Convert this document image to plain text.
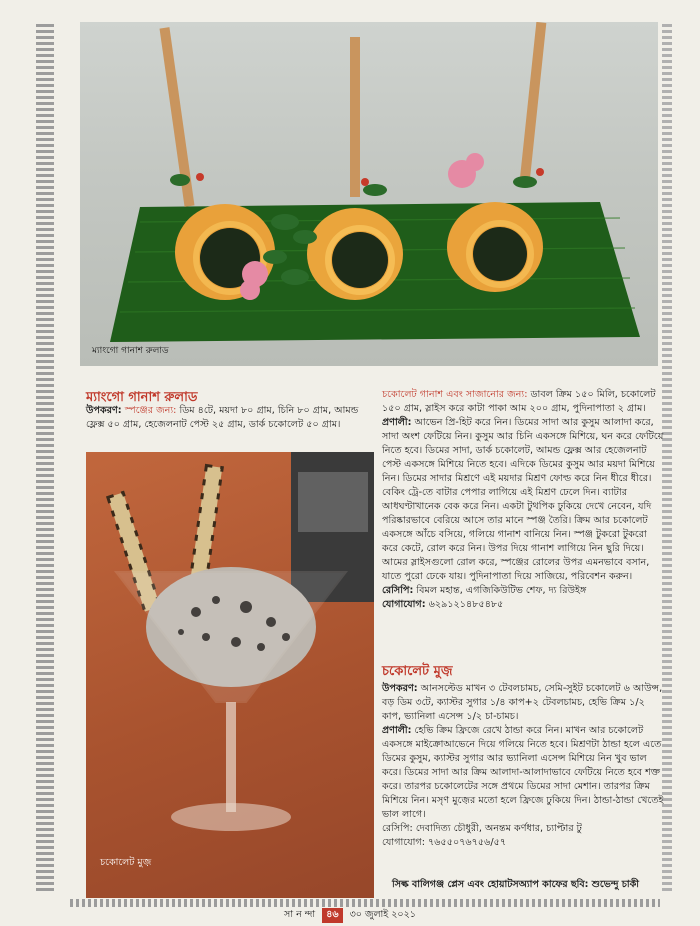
ম্যাংগো গানাশ রুলাড
ম্যাংগো গানাশ রুলাড
উপকরণ: স্পঞ্জের জন্য: ডিম ৪টে, ময়দা ৮০ গ্রাম, চিনি ৮০ গ্রাম, আমন্ড ফ্লেক্স ৫০ গ্রাম, হেজেলনাট পেস্ট ২৫ গ্রাম, ডার্ক চকোলেট ৫০ গ্রাম।
চকোলেট মুজ়

চকোলেট গানাশ এবং সাজানোর জন্য: ডাবল ক্রিম ১৫০ মিলি, চকোলেট ১৫০ গ্রাম, স্লাইস করে কাটা পাকা আম ২০০ গ্রাম, পুদিনাপাতা ২ গ্রাম।

প্রণালী: আভেন প্রি-হিট করে নিন। ডিমের সাদা আর কুসুম আলাদা করে, সাদা অংশ ফেটিয়ে নিন। কুসুম আর চিনি একসঙ্গে মিশিয়ে, ঘন করে ফেটিয়ে নিতে হবে। ডিমের সাদা, ডার্ক চকোলেট, আমন্ড ফ্লেক্স আর হেজেলনাট পেস্ট একসঙ্গে মিশিয়ে নিতে হবে। এদিকে ডিমের কুসুম আর ময়দা মিশিয়ে নিন। ডিমের সাদার মিশ্রণে এই ময়দার মিশ্রণ ফোল্ড করে নিন ধীরে ধীরে। বেকিং ট্রে-তে বাটার পেপার লাগিয়ে এই মিশ্রণ ঢেলে দিন। ব্যাটার আধঘণ্টাখানেক বেক করে নিন। একটা টুথপিক ঢুকিয়ে দেখে নেবেন, যদি পরিষ্কারভাবে বেরিয়ে আসে তার মানে স্পঞ্জ তৈরি। ক্রিম আর চকোলেট একসঙ্গে আঁচে বসিয়ে, গলিয়ে গানাশ বানিয়ে নিন। স্পঞ্জ টুকরো টুকরো করে কেটে, রোল করে নিন। উপর দিয়ে গানাশ লাগিয়ে নিন ছুরি দিয়ে। আমের স্লাইসগুলো রোল করে, স্পঞ্জের রোলের উপর এমনভাবে বসান, যাতে পুরো ঢেকে যায়। পুদিনাপাতা দিয়ে সাজিয়ে, পরিবেশন করুন।

রেসিপি: বিমল মহান্ত, এগজিকিউটিভ শেফ, দ্য রিউইঙ্গ

যোগাযোগ: ৬২৯১২১৪৮৫৪৮৫

চকোলেট মুজ়

উপকরণ: আনসল্টেড মাখন ৩ টেবলচামচ, সেমি-সুইট চকোলেট ৬ আউন্স, বড় ডিম ৩টে, ক্যাস্টর সুগার ১/৪ কাপ+২ টেবলচামচ, হেভি ক্রিম ১/২ কাপ, ভ্যানিলা এসেন্স ১/২ চা-চামচ।

প্রণালী: হেভি ক্রিম ফ্রিজে রেখে ঠান্ডা করে নিন। মাখন আর চকোলেট একসঙ্গে মাইক্রোআভেনে দিয়ে গলিয়ে নিতে হবে। মিশ্রণটা ঠান্ডা হলে এতে ডিমের কুসুম, ক্যাস্টর সুগার আর ভ্যানিলা এসেন্স মিশিয়ে নিন খুব ভাল করে। ডিমের সাদা আর ক্রিম আলাদা-আলাদাভাবে ফেটিয়ে নিতে হবে শক্ত করে। তারপর চকোলেটের সঙ্গে প্রথমে ডিমের সাদা মেশান। তারপর ক্রিম মিশিয়ে নিন। মসৃণ মুজ়ের মতো হলে ফ্রিজে ঢুকিয়ে দিন। ঠান্ডা-ঠান্ডা খেতেই ভাল লাগে।

রেসিপি: দেবাদিত্য চৌধুরী, অনন্তম কর্ণধার, চ্যাপ্টার টু

যোগাযোগ: ৭৬৫৫০৭৬৭৫৬/৫৭

সিল্ক বালিগঞ্জ প্লেস এবং হোয়াটসঅ্যাপ কাফের ছবি: শুভেন্দু চাকী
সা ন ন্দা ৪৬ ৩০ জুলাই ২০২১
